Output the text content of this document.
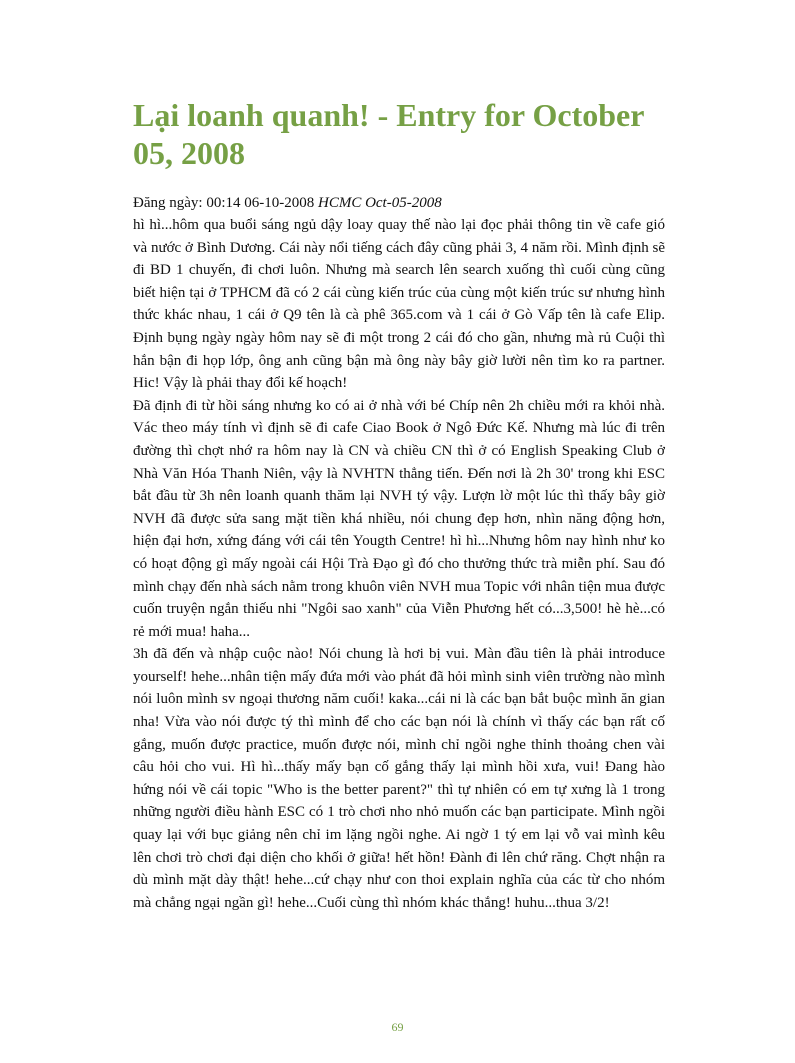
Lại loanh quanh! - Entry for October 05, 2008
Đăng ngày: 00:14 06-10-2008 HCMC Oct-05-2008

hì hì...hôm qua buổi sáng ngủ dậy loay quay thế nào lại đọc phải thông tin về cafe gió và nước ở Bình Dương. Cái này nổi tiếng cách đây cũng phải 3, 4 năm rồi. Mình định sẽ đi BD 1 chuyến, đi chơi luôn. Nhưng mà search lên search xuống thì cuối cùng cũng biết hiện tại ở TPHCM đã có 2 cái cùng kiến trúc của cùng một kiến trúc sư nhưng hình thức khác nhau, 1 cái ở Q9 tên là cà phê 365.com và 1 cái ở Gò Vấp tên là cafe Elip. Định bụng ngày ngày hôm nay sẽ đi một trong 2 cái đó cho gần, nhưng mà rủ Cuội thì hắn bận đi họp lớp, ông anh cũng bận mà ông này bây giờ lười nên tìm ko ra partner. Hic! Vậy là phải thay đổi kế hoạch!

Đã định đi từ hồi sáng nhưng ko có ai ở nhà với bé Chíp nên 2h chiều mới ra khỏi nhà. Vác theo máy tính vì định sẽ đi cafe Ciao Book ở Ngô Đức Kế. Nhưng mà lúc đi trên đường thì chợt nhớ ra hôm nay là CN và chiều CN thì ở có English Speaking Club ở Nhà Văn Hóa Thanh Niên, vậy là NVHTN thẳng tiến. Đến nơi là 2h 30' trong khi ESC bắt đầu từ 3h nên loanh quanh thăm lại NVH tý vậy. Lượn lờ một lúc thì thấy bây giờ NVH đã được sửa sang mặt tiền khá nhiều, nói chung đẹp hơn, nhìn năng động hơn, hiện đại hơn, xứng đáng với cái tên Yougth Centre! hì hì...Nhưng hôm nay hình như ko có hoạt động gì mấy ngoài cái Hội Trà Đạo gì đó cho thưởng thức trà miễn phí. Sau đó mình chạy đến nhà sách nằm trong khuôn viên NVH mua Topic với nhân tiện mua được cuốn truyện ngắn thiếu nhi "Ngôi sao xanh" của Viễn Phương hết có...3,500! hè hè...có rẻ mới mua! haha...

3h đã đến và nhập cuộc nào! Nói chung là hơi bị vui. Màn đầu tiên là phải introduce yourself! hehe...nhân tiện mấy đứa mới vào phát đã hỏi mình sinh viên trường nào mình nói luôn mình sv ngoại thương năm cuối! kaka...cái ni là các bạn bắt buộc mình ăn gian nha! Vừa vào nói được tý thì mình để cho các bạn nói là chính vì thấy các bạn rất cố gắng, muốn được practice, muốn được nói, mình chỉ ngồi nghe thỉnh thoảng chen vài câu hỏi cho vui. Hì hì...thấy mấy bạn cố gắng thấy lại mình hồi xưa, vui! Đang hào hứng nói về cái topic "Who is the better parent?" thì tự nhiên có em tự xưng là 1 trong những người điều hành ESC có 1 trò chơi nho nhỏ muốn các bạn participate. Mình ngồi quay lại với bục giảng nên chỉ im lặng ngồi nghe. Ai ngờ 1 tý em lại vỗ vai mình kêu lên chơi trò chơi đại diện cho khối ở giữa! hết hồn! Đành đi lên chứ răng. Chợt nhận ra dù mình mặt dày thật! hehe...cứ chạy như con thoi explain nghĩa của các từ cho nhóm mà chẳng ngại ngần gì! hehe...Cuối cùng thì nhóm khác thắng! huhu...thua 3/2!

69
